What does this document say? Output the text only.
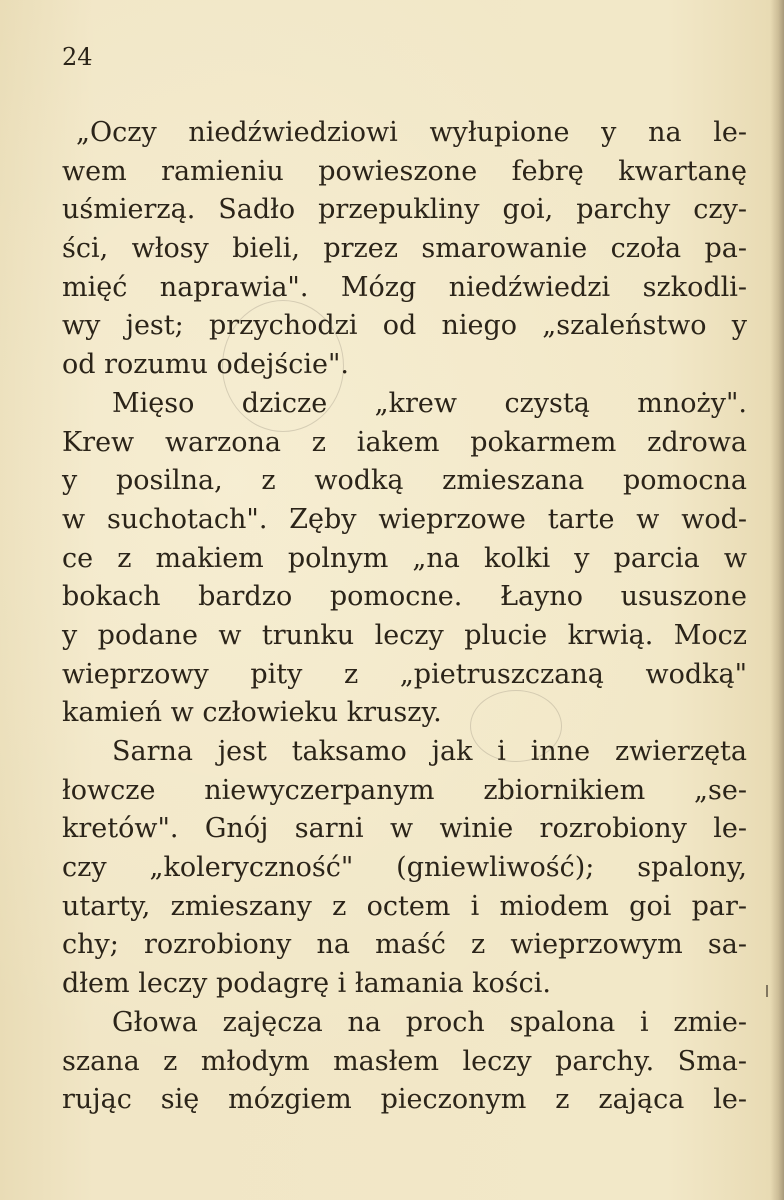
24
„Oczy niedźwiedziowi wyłupione y na le-
wem ramieniu powieszone febrę kwartanę
uśmierzą. Sadło przepukliny goi, parchy czy-
ści, włosy bieli, przez smarowanie czoła pa-
mięć naprawia". Mózg niedźwiedzi szkodli-
wy jest; przychodzi od niego „szaleństwo y
od rozumu odejście".
Mięso dzicze „krew czystą mnoży".
Krew warzona z iakem pokarmem zdrowa
y posilna, z wodką zmieszana pomocna
w suchotach". Zęby wieprzowe tarte w wod-
ce z makiem polnym „na kolki y parcia w
bokach bardzo pomocne. Łayno ususzone
y podane w trunku leczy plucie krwią. Mocz
wieprzowy pity z „pietruszczaną wodką"
kamień w człowieku kruszy.
Sarna jest taksamo jak i inne zwierzęta
łowcze niewyczerpanym zbiornikiem „se-
kretów". Gnój sarni w winie rozrobiony le-
czy „koleryczność" (gniewliwość); spalony,
utarty, zmieszany z octem i miodem goi par-
chy; rozrobiony na maść z wieprzowym sa-
dłem leczy podagrę i łamania kości.
Głowa zajęcza na proch spalona i zmie-
szana z młodym masłem leczy parchy. Sma-
rując się mózgiem pieczonym z zająca le-
